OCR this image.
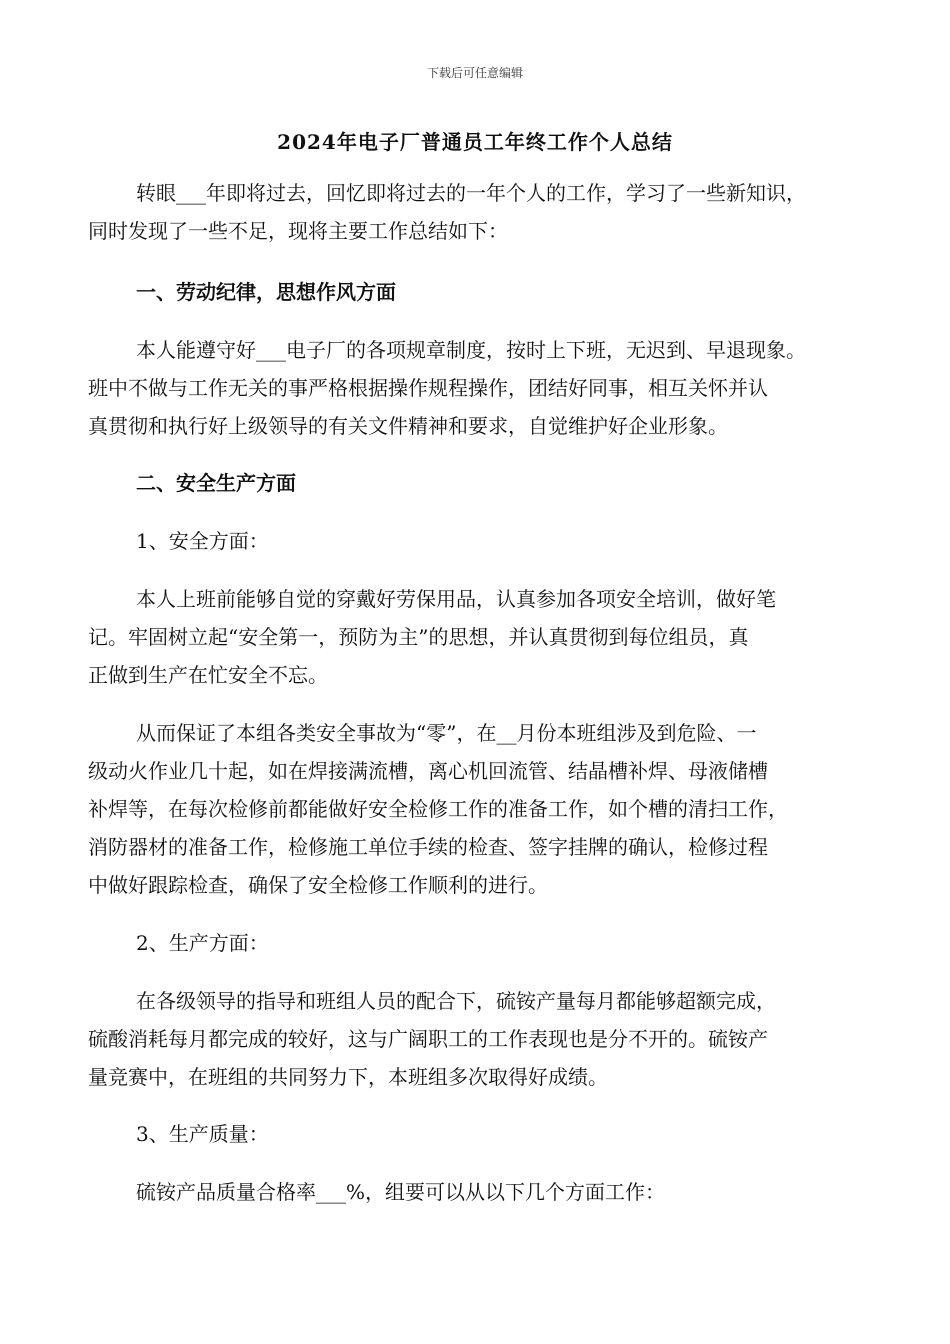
下载后可任意编辑
2024年电子厂普通员工年终工作个人总结

转眼___年即将过去，回忆即将过去的一年个人的工作，学习了一些新知识，
同时发现了一些不足，现将主要工作总结如下：

一、劳动纪律，思想作风方面

本人能遵守好___电子厂的各项规章制度，按时上下班，无迟到、早退现象。
班中不做与工作无关的事严格根据操作规程操作，团结好同事，相互关怀并认
真贯彻和执行好上级领导的有关文件精神和要求，自觉维护好企业形象。

二、安全生产方面

1、安全方面：

本人上班前能够自觉的穿戴好劳保用品，认真参加各项安全培训，做好笔
记。牢固树立起“安全第一，预防为主”的思想，并认真贯彻到每位组员，真
正做到生产在忙安全不忘。

从而保证了本组各类安全事故为“零”，在__月份本班组涉及到危险、一
级动火作业几十起，如在焊接满流槽，离心机回流管、结晶槽补焊、母液储槽
补焊等，在每次检修前都能做好安全检修工作的准备工作，如个槽的清扫工作，
消防器材的准备工作，检修施工单位手续的检查、签字挂牌的确认，检修过程
中做好跟踪检查，确保了安全检修工作顺利的进行。

2、生产方面：

在各级领导的指导和班组人员的配合下，硫铵产量每月都能够超额完成，
硫酸消耗每月都完成的较好，这与广阔职工的工作表现也是分不开的。硫铵产
量竞赛中，在班组的共同努力下，本班组多次取得好成绩。

3、生产质量：

硫铵产品质量合格率___%，组要可以从以下几个方面工作：
